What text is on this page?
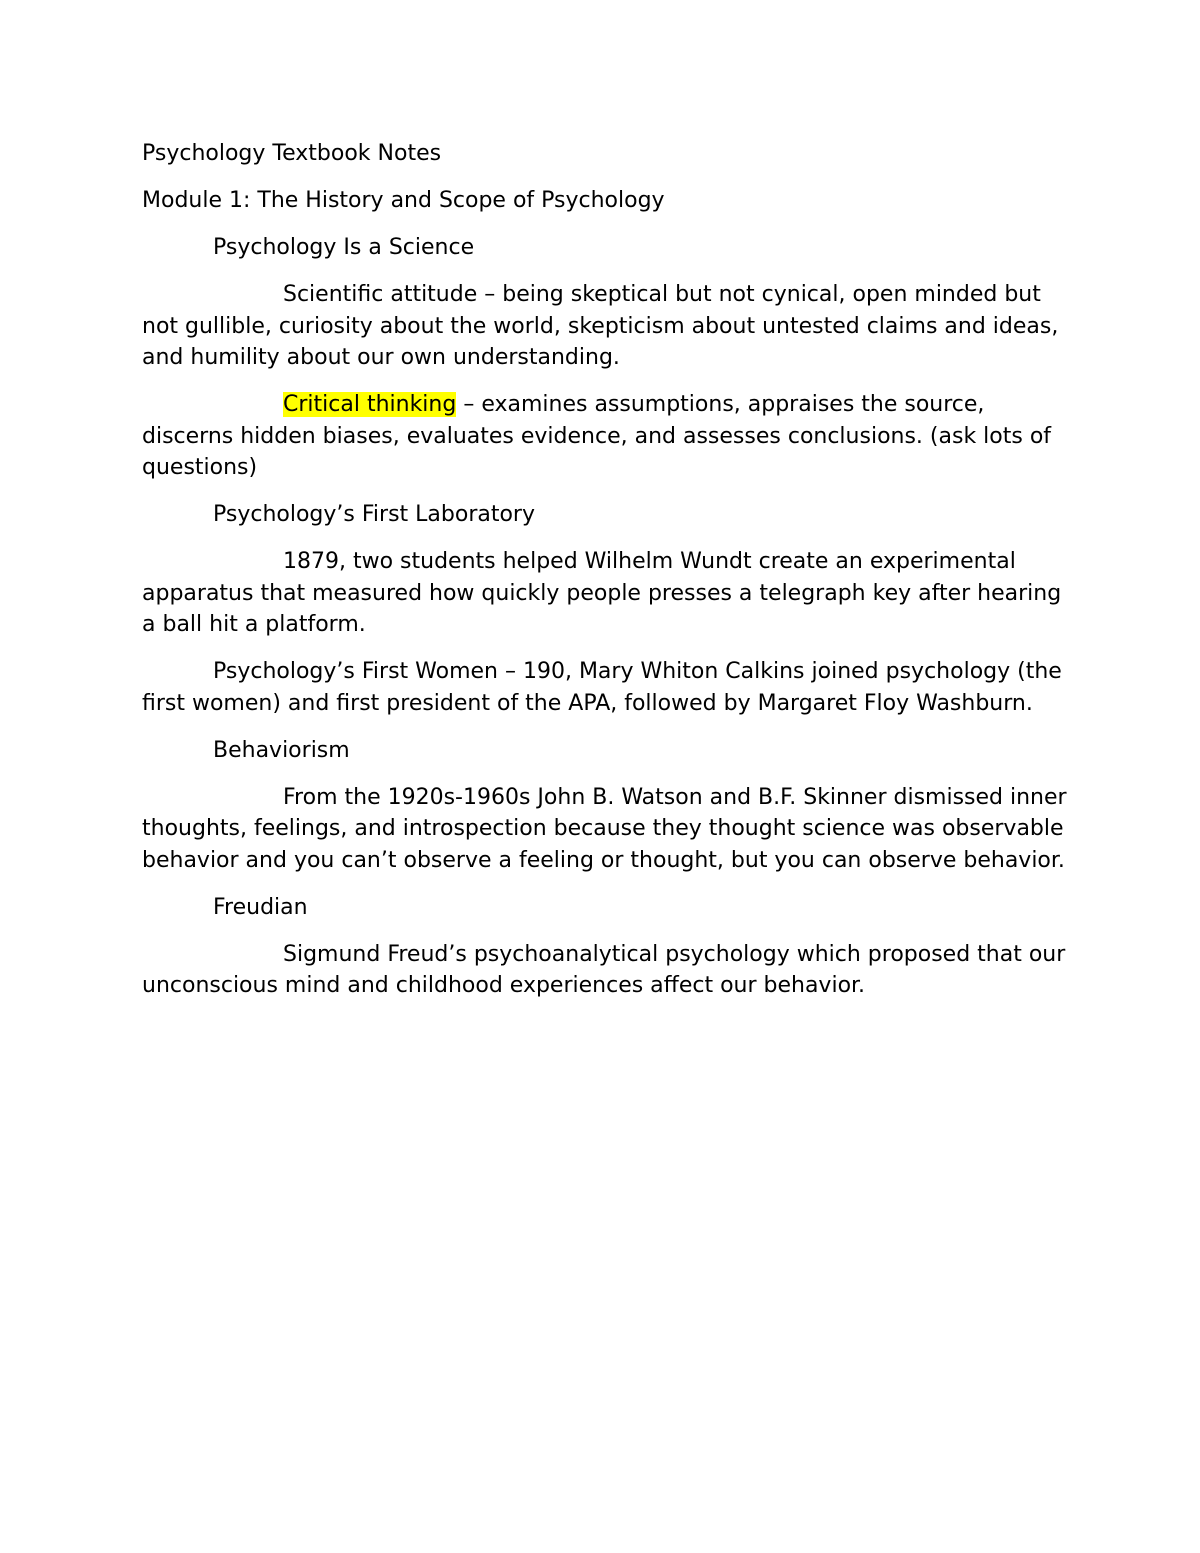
Psychology Textbook Notes

Module 1: The History and Scope of Psychology

Psychology Is a Science

Scientific attitude – being skeptical but not cynical, open minded but not gullible, curiosity about the world, skepticism about untested claims and ideas, and humility about our own understanding.

Critical thinking – examines assumptions, appraises the source, discerns hidden biases, evaluates evidence, and assesses conclusions. (ask lots of questions)

Psychology’s First Laboratory

1879, two students helped Wilhelm Wundt create an experimental apparatus that measured how quickly people presses a telegraph key after hearing a ball hit a platform.

Psychology’s First Women – 190, Mary Whiton Calkins joined psychology (the first women) and first president of the APA, followed by Margaret Floy Washburn.

Behaviorism

From the 1920s-1960s John B. Watson and B.F. Skinner dismissed inner thoughts, feelings, and introspection because they thought science was observable behavior and you can’t observe a feeling or thought, but you can observe behavior.

Freudian

Sigmund Freud’s psychoanalytical psychology which proposed that our unconscious mind and childhood experiences affect our behavior.
